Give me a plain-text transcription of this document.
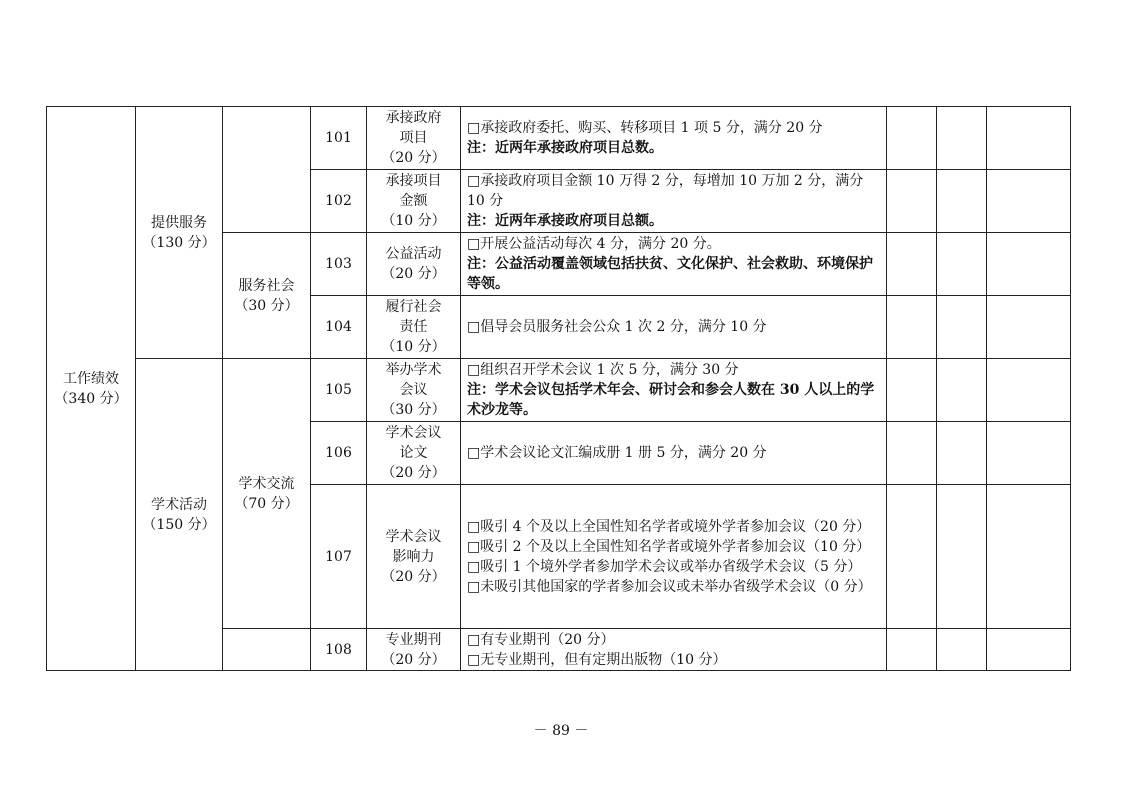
工作绩效
（340 分）	提供服务
（130 分）		101	承接政府
项目
（20 分）	□承接政府委托、购买、转移项目 1 项 5 分，满分 20 分
注：近两年承接政府项目总数。			

			102	承接项目
金额
（10 分）	□承接政府项目金额 10 万得 2 分，每增加 10 万加 2 分，满分 10 分
注：近两年承接政府项目总额。			

		服务社会
（30 分）	103	公益活动
（20 分）	□开展公益活动每次 4 分，满分 20 分。
注：公益活动覆盖领域包括扶贫、文化保护、社会救助、环境保护等领。			

			104	履行社会
责任
（10 分）	□倡导会员服务社会公众 1 次 2 分，满分 10 分			

	学术活动
（150 分）	学术交流
（70 分）	105	举办学术
会议
（30 分）	□组织召开学术会议 1 次 5 分，满分 30 分
注：学术会议包括学术年会、研讨会和参会人数在 30 人以上的学术沙龙等。			

			106	学术会议
论文
（20 分）	□学术会议论文汇编成册 1 册 5 分，满分 20 分			

			107	学术会议
影响力
（20 分）	□吸引 4 个及以上全国性知名学者或境外学者参加会议（20 分）
□吸引 2 个及以上全国性知名学者或境外学者参加会议（10 分）　　　　　　　　　　　　□吸引 1 个境外学者参加学术会议或举办省级学术会议（5 分）
□未吸引其他国家的学者参加会议或未举办省级学术会议（0 分）			

			108	专业期刊
（20 分）	□有专业期刊（20 分）
□无专业期刊，但有定期出版物（10 分）			

－ 89 －
